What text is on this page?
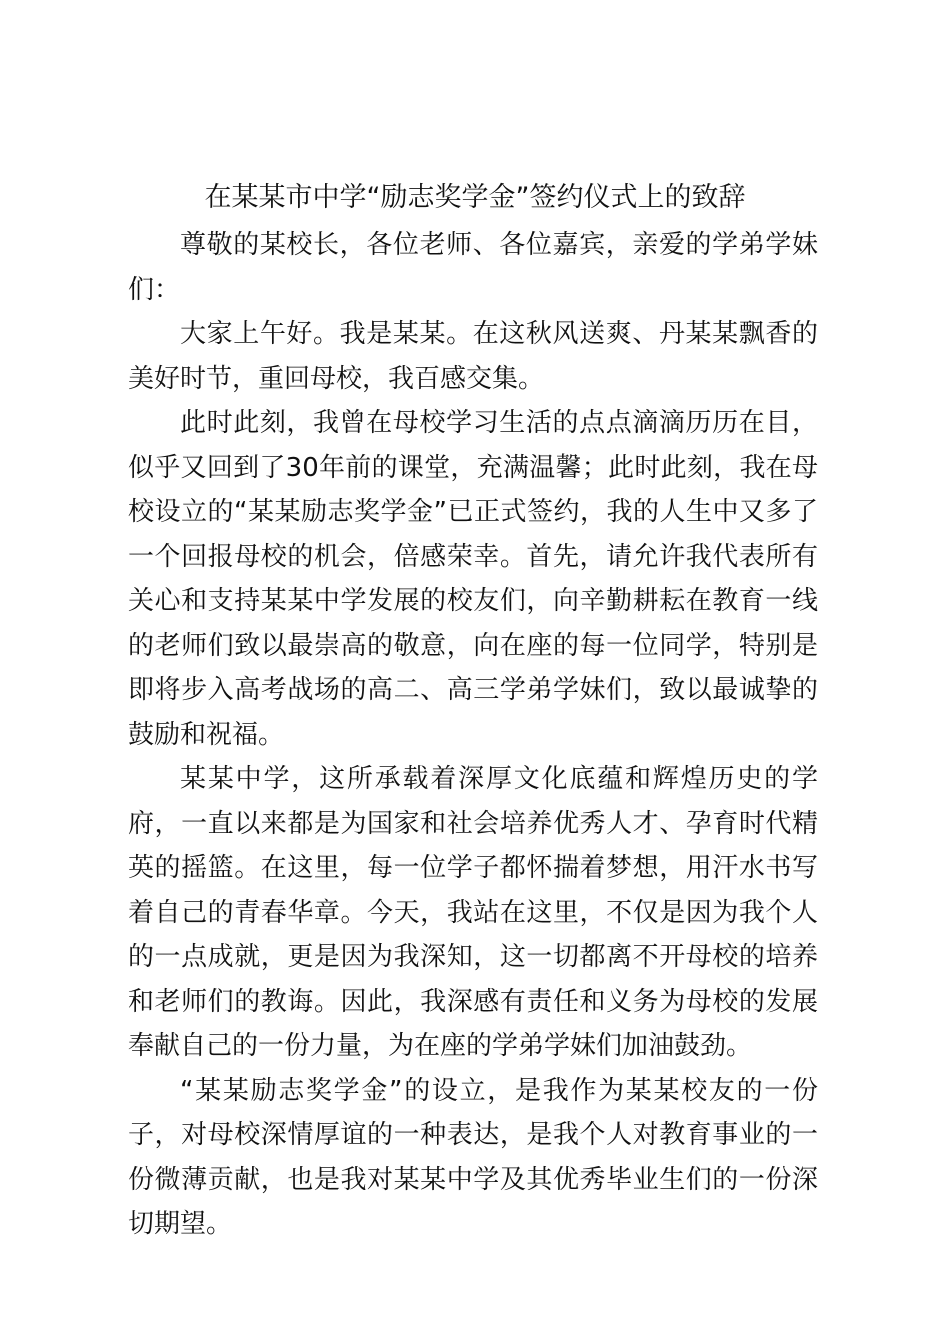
在某某市中学“励志奖学金”签约仪式上的致辞

尊敬的某校长，各位老师、各位嘉宾，亲爱的学弟学妹们：

大家上午好。我是某某。在这秋风送爽、丹某某飘香的美好时节，重回母校，我百感交集。

此时此刻，我曾在母校学习生活的点点滴滴历历在目，似乎又回到了30年前的课堂，充满温馨；此时此刻，我在母校设立的“某某励志奖学金”已正式签约，我的人生中又多了一个回报母校的机会，倍感荣幸。首先，请允许我代表所有关心和支持某某中学发展的校友们，向辛勤耕耘在教育一线的老师们致以最崇高的敬意，向在座的每一位同学，特别是即将步入高考战场的高二、高三学弟学妹们，致以最诚挚的鼓励和祝福。

某某中学，这所承载着深厚文化底蕴和辉煌历史的学府，一直以来都是为国家和社会培养优秀人才、孕育时代精英的摇篮。在这里，每一位学子都怀揣着梦想，用汗水书写着自己的青春华章。今天，我站在这里，不仅是因为我个人的一点成就，更是因为我深知，这一切都离不开母校的培养和老师们的教诲。因此，我深感有责任和义务为母校的发展奉献自己的一份力量，为在座的学弟学妹们加油鼓劲。

“某某励志奖学金”的设立，是我作为某某校友的一份子，对母校深情厚谊的一种表达，是我个人对教育事业的一份微薄贡献，也是我对某某中学及其优秀毕业生们的一份深切期望。
